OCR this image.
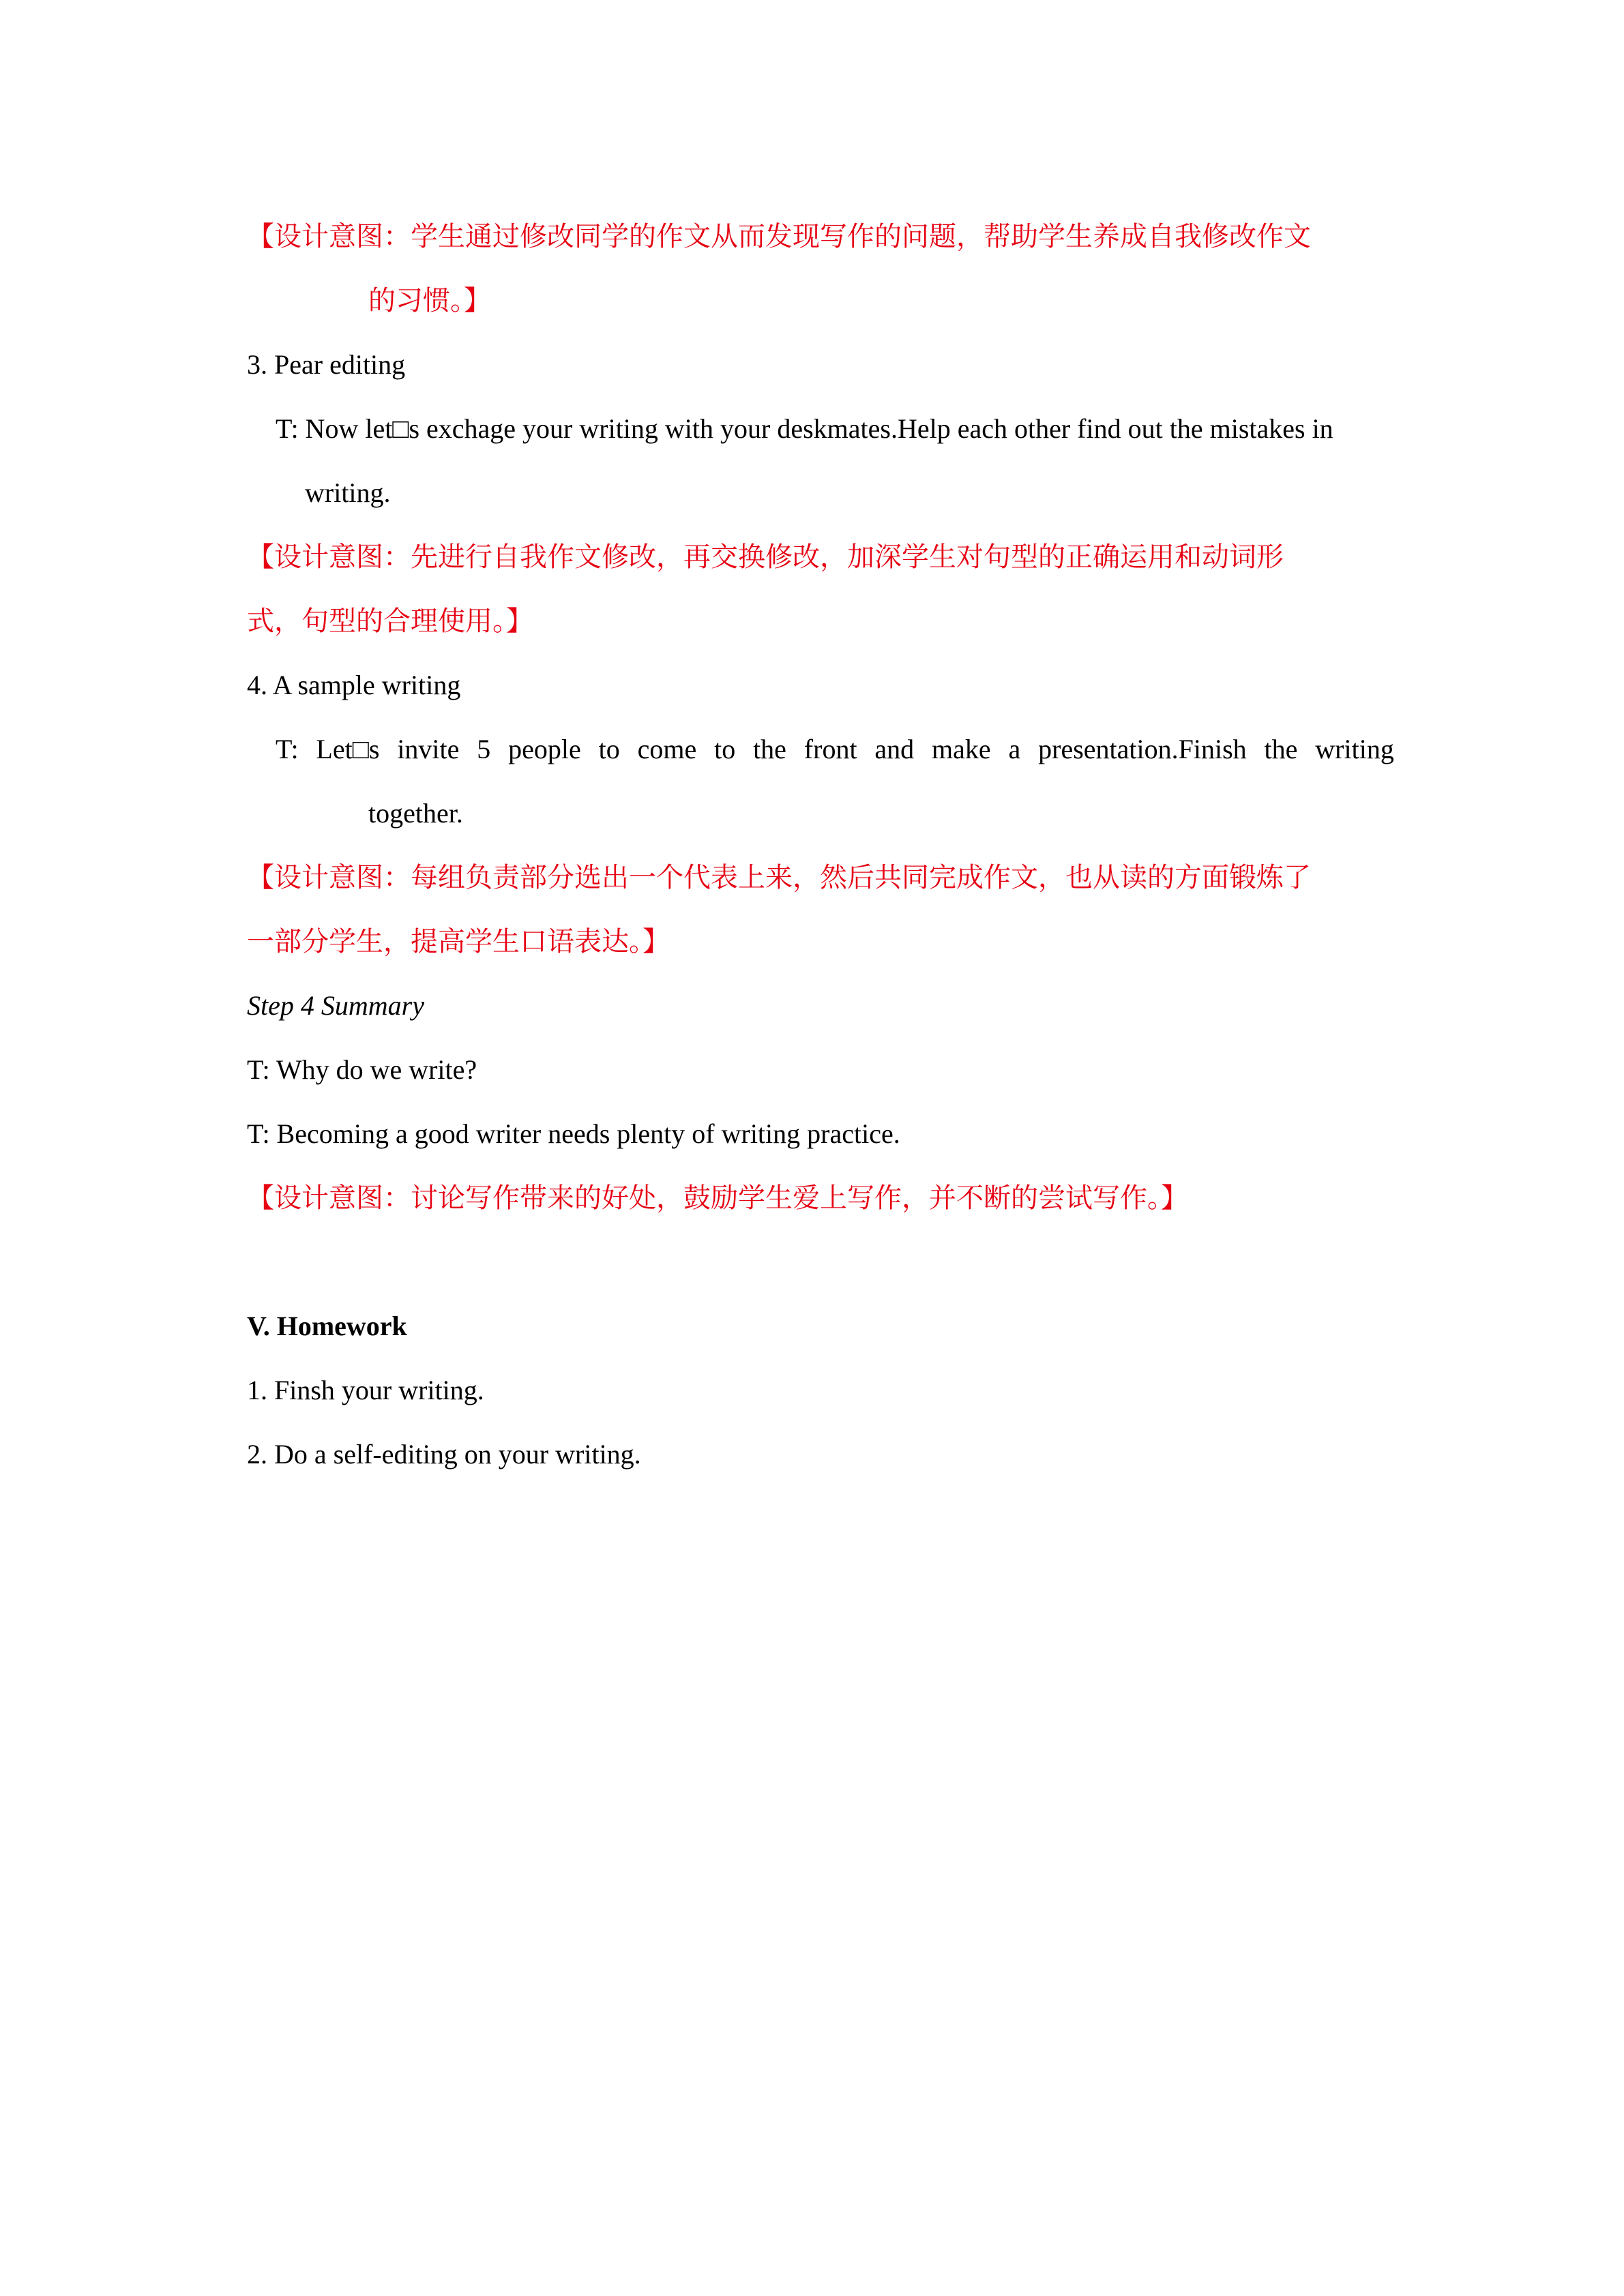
【设计意图：学生通过修改同学的作文从而发现写作的问题，帮助学生养成自我修改作文
的习惯。】
3. Pear editing
T: Now let□s exchage your writing with your deskmates.Help each other find out the mistakes in
writing.
【设计意图：先进行自我作文修改，再交换修改，加深学生对句型的正确运用和动词形
式，句型的合理使用。】
4. A sample writing
T: Let□s invite 5 people to come to the front and make a presentation.Finish the writing
together.
【设计意图：每组负责部分选出一个代表上来，然后共同完成作文，也从读的方面锻炼了
一部分学生，提高学生口语表达。】
Step 4 Summary
T: Why do we write?
T: Becoming a good writer needs plenty of writing practice.
【设计意图：讨论写作带来的好处，鼓励学生爱上写作，并不断的尝试写作。】
V. Homework
1. Finsh your writing.
2. Do a self-editing on your writing.
